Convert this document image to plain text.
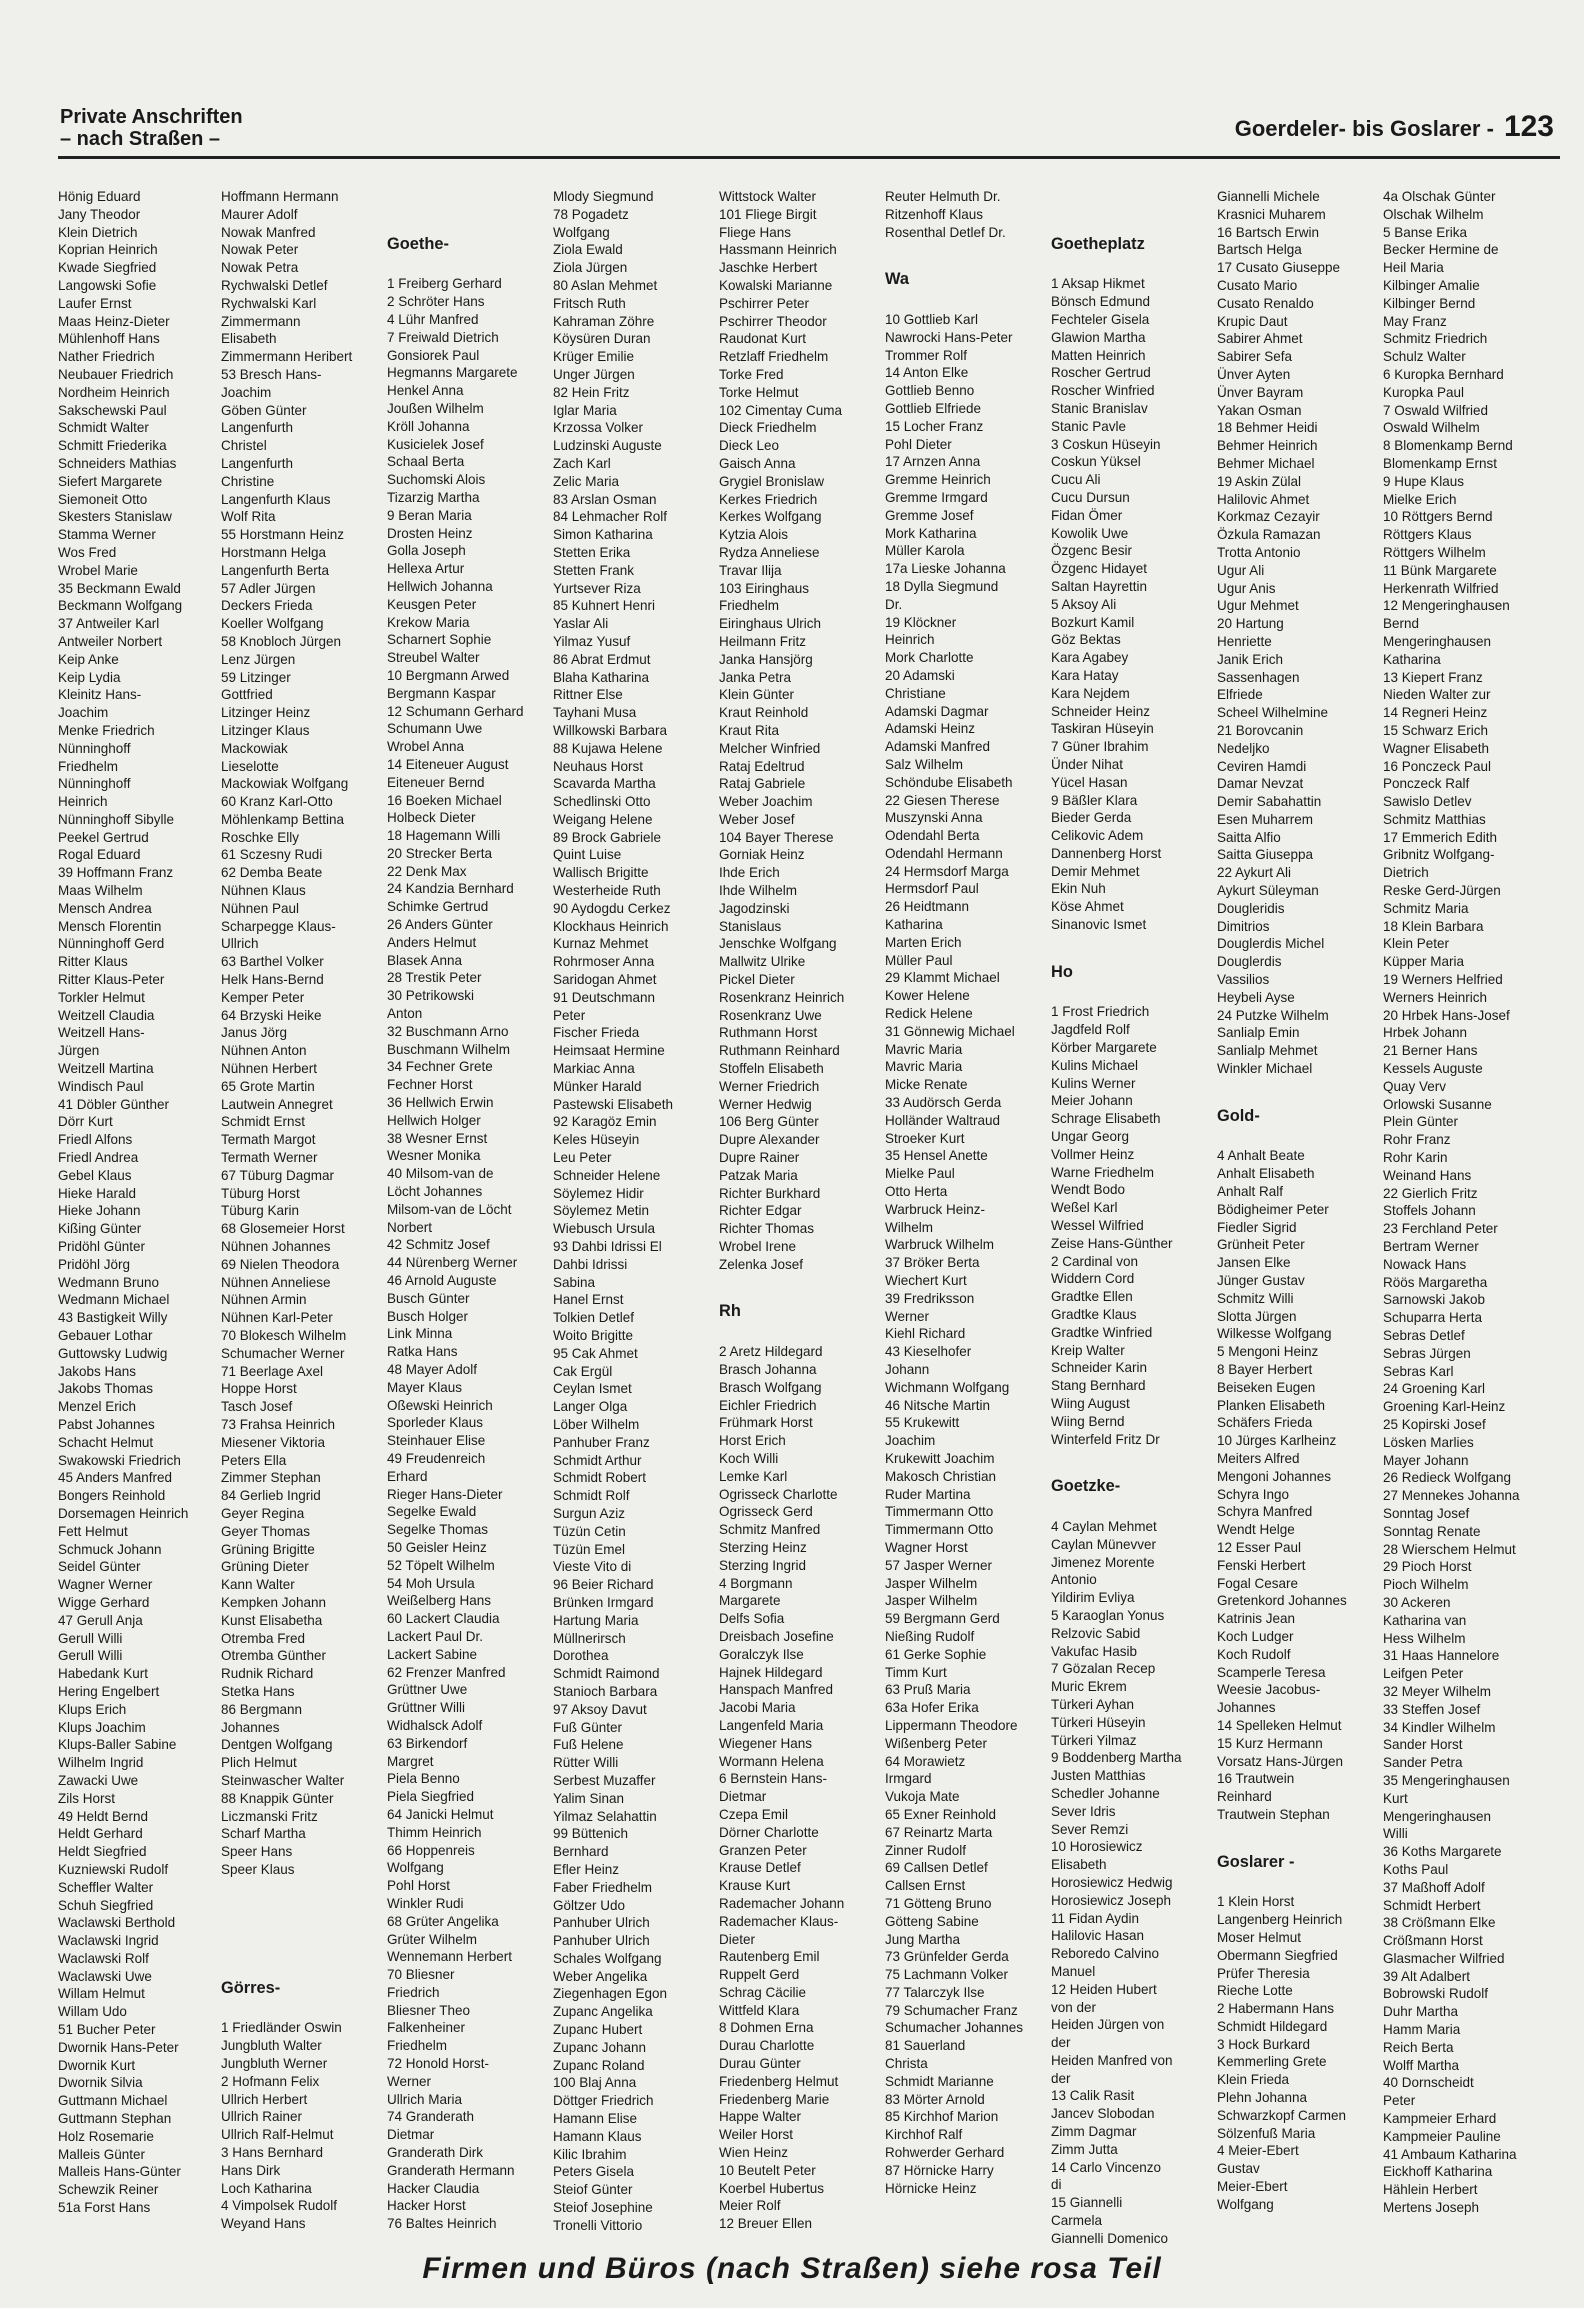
Private Anschriften
– nach Straßen –	Goerdeler- bis Goslarer - 123
Hönig Eduard
Jany Theodor
Klein Dietrich
Koprian Heinrich
Kwade Siegfried
Langowski Sofie
Laufer Ernst
Maas Heinz-Dieter
Mühlenhoff Hans
Nather Friedrich
Neubauer Friedrich
Nordheim Heinrich
Sakschewski Paul
Schmidt Walter
Schmitt Friederika
Schneiders Mathias
Siefert Margarete
Siemoneit Otto
Skesters Stanislaw
Stamma Werner
Wos Fred
Wrobel Marie
35 Beckmann Ewald
Beckmann Wolfgang
37 Antweiler Karl
Antweiler Norbert
Keip Anke
Keip Lydia
Kleinitz Hans-
Joachim
Menke Friedrich
Nünninghoff
Friedhelm
Nünninghoff
Heinrich
Nünninghoff Sibylle
Peekel Gertrud
Rogal Eduard
39 Hoffmann Franz
Maas Wilhelm
Mensch Andrea
Mensch Florentin
Nünninghoff Gerd
Ritter Klaus
Ritter Klaus-Peter
Torkler Helmut
Weitzell Claudia
Weitzell Hans-
Jürgen
Weitzell Martina
Windisch Paul
41 Döbler Günther
Dörr Kurt
Friedl Alfons
Friedl Andrea
Gebel Klaus
Hieke Harald
Hieke Johann
Kißing Günter
Pridöhl Günter
Pridöhl Jörg
Wedmann Bruno
Wedmann Michael
43 Bastigkeit Willy
Gebauer Lothar
Guttowsky Ludwig
Jakobs Hans
Jakobs Thomas
Menzel Erich
Pabst Johannes
Schacht Helmut
Swakowski Friedrich
45 Anders Manfred
Bongers Reinhold
Dorsemagen Heinrich
Fett Helmut
Schmuck Johann
Seidel Günter
Wagner Werner
Wigge Gerhard
47 Gerull Anja
Gerull Willi
Gerull Willi
Habedank Kurt
Hering Engelbert
Klups Erich
Klups Joachim
Klups-Baller Sabine
Wilhelm Ingrid
Zawacki Uwe
Zils Horst
49 Heldt Bernd
Heldt Gerhard
Heldt Siegfried
Kuzniewski Rudolf
Scheffler Walter
Schuh Siegfried
Waclawski Berthold
Waclawski Ingrid
Waclawski Rolf
Waclawski Uwe
Willam Helmut
Willam Udo
51 Bucher Peter
Dwornik Hans-Peter
Dwornik Kurt
Dwornik Silvia
Guttmann Michael
Guttmann Stephan
Holz Rosemarie
Malleis Günter
Malleis Hans-Günter
Schewzik Reiner
51a Forst Hans
Hoffmann Hermann
Maurer Adolf
Nowak Manfred
Nowak Peter
Nowak Petra
Rychwalski Detlef
Rychwalski Karl
Zimmermann
Elisabeth
Zimmermann Heribert
53 Bresch Hans-
Joachim
Göben Günter
Langenfurth
Christel
Langenfurth
Christine
Langenfurth Klaus
Wolf Rita
55 Horstmann Heinz
Horstmann Helga
Langenfurth Berta
57 Adler Jürgen
Deckers Frieda
Koeller Wolfgang
58 Knobloch Jürgen
Lenz Jürgen
59 Litzinger
Gottfried
Litzinger Heinz
Litzinger Klaus
Mackowiak
Lieselotte
Mackowiak Wolfgang
60 Kranz Karl-Otto
Möhlenkamp Bettina
Roschke Elly
61 Sczesny Rudi
62 Demba Beate
Nühnen Klaus
Nühnen Paul
Scharpegge Klaus-
Ullrich
63 Barthel Volker
Helk Hans-Bernd
Kemper Peter
64 Brzyski Heike
Janus Jörg
Nühnen Anton
Nühnen Herbert
65 Grote Martin
Lautwein Annegret
Schmidt Ernst
Termath Margot
Termath Werner
67 Tüburg Dagmar
Tüburg Horst
Tüburg Karin
68 Glosemeier Horst
Nühnen Johannes
69 Nielen Theodora
Nühnen Anneliese
Nühnen Armin
Nühnen Karl-Peter
70 Blokesch Wilhelm
Schumacher Werner
71 Beerlage Axel
Hoppe Horst
Tasch Josef
73 Frahsa Heinrich
Miesener Viktoria
Peters Ella
Zimmer Stephan
84 Gerlieb Ingrid
Geyer Regina
Geyer Thomas
Grüning Brigitte
Grüning Dieter
Kann Walter
Kempken Johann
Kunst Elisabetha
Otremba Fred
Otremba Günther
Rudnik Richard
Stetka Hans
86 Bergmann
Johannes
Dentgen Wolfgang
Plich Helmut
Steinwascher Walter
88 Knappik Günter
Liczmanski Fritz
Scharf Martha
Speer Hans
Speer Klaus

Görres-

1 Friedländer Oswin
Jungbluth Walter
Jungbluth Werner
2 Hofmann Felix
Ullrich Herbert
Ullrich Rainer
Ullrich Ralf-Helmut
3 Hans Bernhard
Hans Dirk
Loch Katharina
4 Vimpolsek Rudolf
Weyand Hans

Goethe-

1 Freiberg Gerhard
2 Schröter Hans
4 Lühr Manfred
7 Freiwald Dietrich
Gonsiorek Paul
Hegmanns Margarete
Henkel Anna
Joußen Wilhelm
Kröll Johanna
Kusicielek Josef
Schaal Berta
Suchomski Alois
Tizarzig Martha
9 Beran Maria
Drosten Heinz
Golla Joseph
Hellexa Artur
Hellwich Johanna
Keusgen Peter
Krekow Maria
Scharnert Sophie
Streubel Walter
10 Bergmann Arwed
Bergmann Kaspar
12 Schumann Gerhard
Schumann Uwe
Wrobel Anna
14 Eiteneuer August
Eiteneuer Bernd
16 Boeken Michael
Holbeck Dieter
18 Hagemann Willi
20 Strecker Berta
22 Denk Max
24 Kandzia Bernhard
Schimke Gertrud
26 Anders Günter
Anders Helmut
Blasek Anna
28 Trestik Peter
30 Petrikowski
Anton
32 Buschmann Arno
Buschmann Wilhelm
34 Fechner Grete
Fechner Horst
36 Hellwich Erwin
Hellwich Holger
38 Wesner Ernst
Wesner Monika
40 Milsom-van de
Löcht Johannes
Milsom-van de Löcht
Norbert
42 Schmitz Josef
44 Nürenberg Werner
46 Arnold Auguste
Busch Günter
Busch Holger
Link Minna
Ratka Hans
48 Mayer Adolf
Mayer Klaus
Oßewski Heinrich
Sporleder Klaus
Steinhauer Elise
49 Freudenreich
Erhard
Rieger Hans-Dieter
Segelke Ewald
Segelke Thomas
50 Geisler Heinz
52 Töpelt Wilhelm
54 Moh Ursula
Weißelberg Hans
60 Lackert Claudia
Lackert Paul Dr.
Lackert Sabine
62 Frenzer Manfred
Grüttner Uwe
Grüttner Willi
Widhalsck Adolf
63 Birkendorf
Margret
Piela Benno
Piela Siegfried
64 Janicki Helmut
Thimm Heinrich
66 Hoppenreis
Wolfgang
Pohl Horst
Winkler Rudi
68 Grüter Angelika
Grüter Wilhelm
Wennemann Herbert
70 Bliesner
Friedrich
Bliesner Theo
Falkenheiner
Friedhelm
72 Honold Horst-
Werner
Ullrich Maria
74 Granderath
Dietmar
Granderath Dirk
Granderath Hermann
Hacker Claudia
Hacker Horst
76 Baltes Heinrich
Mlody Siegmund
78 Pogadetz
Wolfgang
Ziola Ewald
Ziola Jürgen
80 Aslan Mehmet
Fritsch Ruth
Kahraman Zöhre
Köysüren Duran
Krüger Emilie
Unger Jürgen
82 Hein Fritz
Iglar Maria
Krzossa Volker
Ludzinski Auguste
Zach Karl
Zelic Maria
83 Arslan Osman
84 Lehmacher Rolf
Simon Katharina
Stetten Erika
Stetten Frank
Yurtsever Riza
85 Kuhnert Henri
Yaslar Ali
Yilmaz Yusuf
86 Abrat Erdmut
Blaha Katharina
Rittner Else
Tayhani Musa
Willkowski Barbara
88 Kujawa Helene
Neuhaus Horst
Scavarda Martha
Schedlinski Otto
Weigang Helene
89 Brock Gabriele
Quint Luise
Wallisch Brigitte
Westerheide Ruth
90 Aydogdu Cerkez
Klockhaus Heinrich
Kurnaz Mehmet
Rohrmoser Anna
Saridogan Ahmet
91 Deutschmann
Peter
Fischer Frieda
Heimsaat Hermine
Markiac Anna
Münker Harald
Pastewski Elisabeth
92 Karagöz Emin
Keles Hüseyin
Leu Peter
Schneider Helene
Söylemez Hidir
Söylemez Metin
Wiebusch Ursula
93 Dahbi Idrissi El
Dahbi Idrissi
Sabina
Hanel Ernst
Tolkien Detlef
Woito Brigitte
95 Cak Ahmet
Cak Ergül
Ceylan Ismet
Langer Olga
Löber Wilhelm
Panhuber Franz
Schmidt Arthur
Schmidt Robert
Schmidt Rolf
Surgun Aziz
Tüzün Cetin
Tüzün Emel
Vieste Vito di
96 Beier Richard
Brünken Irmgard
Hartung Maria
Müllnerirsch
Dorothea
Schmidt Raimond
Stanioch Barbara
97 Aksoy Davut
Fuß Günter
Fuß Helene
Rütter Willi
Serbest Muzaffer
Yalim Sinan
Yilmaz Selahattin
99 Büttenich
Bernhard
Efler Heinz
Faber Friedhelm
Göltzer Udo
Panhuber Ulrich
Panhuber Ulrich
Schales Wolfgang
Weber Angelika
Ziegenhagen Egon
Zupanc Angelika
Zupanc Hubert
Zupanc Johann
Zupanc Roland
100 Blaj Anna
Döttger Friedrich
Hamann Elise
Hamann Klaus
Kilic Ibrahim
Peters Gisela
Steiof Günter
Steiof Josephine
Tronelli Vittorio
Wittstock Walter
101 Fliege Birgit
Fliege Hans
Hassmann Heinrich
Jaschke Herbert
Kowalski Marianne
Pschirrer Peter
Pschirrer Theodor
Raudonat Kurt
Retzlaff Friedhelm
Torke Fred
Torke Helmut
102 Cimentay Cuma
Dieck Friedhelm
Dieck Leo
Gaisch Anna
Grygiel Bronislaw
Kerkes Friedrich
Kerkes Wolfgang
Kytzia Alois
Rydza Anneliese
Travar Ilija
103 Eiringhaus
Friedhelm
Eiringhaus Ulrich
Heilmann Fritz
Janka Hansjörg
Janka Petra
Klein Günter
Kraut Reinhold
Kraut Rita
Melcher Winfried
Rataj Edeltrud
Rataj Gabriele
Weber Joachim
Weber Josef
104 Bayer Therese
Gorniak Heinz
Ihde Erich
Ihde Wilhelm
Jagodzinski
Stanislaus
Jenschke Wolfgang
Mallwitz Ulrike
Pickel Dieter
Rosenkranz Heinrich
Rosenkranz Uwe
Ruthmann Horst
Ruthmann Reinhard
Stoffeln Elisabeth
Werner Friedrich
Werner Hedwig
106 Berg Günter
Dupre Alexander
Dupre Rainer
Patzak Maria
Richter Burkhard
Richter Edgar
Richter Thomas
Wrobel Irene
Zelenka Josef

Rh

2 Aretz Hildegard
Brasch Johanna
Brasch Wolfgang
Eichler Friedrich
Frühmark Horst
Horst Erich
Koch Willi
Lemke Karl
Ogrisseck Charlotte
Ogrisseck Gerd
Schmitz Manfred
Sterzing Heinz
Sterzing Ingrid
4 Borgmann
Margarete
Delfs Sofia
Dreisbach Josefine
Goralczyk Ilse
Hajnek Hildegard
Hanspach Manfred
Jacobi Maria
Langenfeld Maria
Wiegener Hans
Wormann Helena
6 Bernstein Hans-
Dietmar
Czepa Emil
Dörner Charlotte
Granzen Peter
Krause Detlef
Krause Kurt
Rademacher Johann
Rademacher Klaus-
Dieter
Rautenberg Emil
Ruppelt Gerd
Schrag Cäcilie
Wittfeld Klara
8 Dohmen Erna
Durau Charlotte
Durau Günter
Friedenberg Helmut
Friedenberg Marie
Happe Walter
Weiler Horst
Wien Heinz
10 Beutelt Peter
Koerbel Hubertus
Meier Rolf
12 Breuer Ellen
Reuter Helmuth Dr.
Ritzenhoff Klaus
Rosenthal Detlef Dr.

Wa

10 Gottlieb Karl
Nawrocki Hans-Peter
Trommer Rolf
14 Anton Elke
Gottlieb Benno
Gottlieb Elfriede
15 Locher Franz
Pohl Dieter
17 Arnzen Anna
Gremme Heinrich
Gremme Irmgard
Gremme Josef
Mork Katharina
Müller Karola
17a Lieske Johanna
18 Dylla Siegmund
Dr.
19 Klöckner
Heinrich
Mork Charlotte
20 Adamski
Christiane
Adamski Dagmar
Adamski Heinz
Adamski Manfred
Salz Wilhelm
Schöndube Elisabeth
22 Giesen Therese
Muszynski Anna
Odendahl Berta
Odendahl Hermann
24 Hermsdorf Marga
Hermsdorf Paul
26 Heidtmann
Katharina
Marten Erich
Müller Paul
29 Klammt Michael
Kower Helene
Redick Helene
31 Gönnewig Michael
Mavric Maria
Mavric Maria
Micke Renate
33 Audörsch Gerda
Holländer Waltraud
Stroeker Kurt
35 Hensel Anette
Mielke Paul
Otto Herta
Warbruck Heinz-
Wilhelm
Warbruck Wilhelm
37 Bröker Berta
Wiechert Kurt
39 Fredriksson
Werner
Kiehl Richard
43 Kieselhofer
Johann
Wichmann Wolfgang
46 Nitsche Martin
55 Krukewitt
Joachim
Krukewitt Joachim
Makosch Christian
Ruder Martina
Timmermann Otto
Timmermann Otto
Wagner Horst
57 Jasper Werner
Jasper Wilhelm
Jasper Wilhelm
59 Bergmann Gerd
Nießing Rudolf
61 Gerke Sophie
Timm Kurt
63 Pruß Maria
63a Hofer Erika
Lippermann Theodore
Wißenberg Peter
64 Morawietz
Irmgard
Vukoja Mate
65 Exner Reinhold
67 Reinartz Marta
Zinner Rudolf
69 Callsen Detlef
Callsen Ernst
71 Götteng Bruno
Götteng Sabine
Jung Martha
73 Grünfelder Gerda
75 Lachmann Volker
77 Talarczyk Ilse
79 Schumacher Franz
Schumacher Johannes
81 Sauerland
Christa
Schmidt Marianne
83 Mörter Arnold
85 Kirchhof Marion
Kirchhof Ralf
Rohwerder Gerhard
87 Hörnicke Harry
Hörnicke Heinz

Goetheplatz

1 Aksap Hikmet
Bönsch Edmund
Fechteler Gisela
Glawion Martha
Matten Heinrich
Roscher Gertrud
Roscher Winfried
Stanic Branislav
Stanic Pavle
3 Coskun Hüseyin
Coskun Yüksel
Cucu Ali
Cucu Dursun
Fidan Ömer
Kowolik Uwe
Özgenc Besir
Özgenc Hidayet
Saltan Hayrettin
5 Aksoy Ali
Bozkurt Kamil
Göz Bektas
Kara Agabey
Kara Hatay
Kara Nejdem
Schneider Heinz
Taskiran Hüseyin
7 Güner Ibrahim
Ünder Nihat
Yücel Hasan
9 Bäßler Klara
Bieder Gerda
Celikovic Adem
Dannenberg Horst
Demir Mehmet
Ekin Nuh
Köse Ahmet
Sinanovic Ismet

Ho

1 Frost Friedrich
Jagdfeld Rolf
Körber Margarete
Kulins Michael
Kulins Werner
Meier Johann
Schrage Elisabeth
Ungar Georg
Vollmer Heinz
Warne Friedhelm
Wendt Bodo
Weßel Karl
Wessel Wilfried
Zeise Hans-Günther
2 Cardinal von
Widdern Cord
Gradtke Ellen
Gradtke Klaus
Gradtke Winfried
Kreip Walter
Schneider Karin
Stang Bernhard
Wiing August
Wiing Bernd
Winterfeld Fritz Dr

Goetzke-

4 Caylan Mehmet
Caylan Münevver
Jimenez Morente
Antonio
Yildirim Evliya
5 Karaoglan Yonus
Relzovic Sabid
Vakufac Hasib
7 Gözalan Recep
Muric Ekrem
Türkeri Ayhan
Türkeri Hüseyin
Türkeri Yilmaz
9 Boddenberg Martha
Justen Matthias
Schedler Johanne
Sever Idris
Sever Remzi
10 Horosiewicz
Elisabeth
Horosiewicz Hedwig
Horosiewicz Joseph
11 Fidan Aydin
Halilovic Hasan
Reboredo Calvino
Manuel
12 Heiden Hubert
von der
Heiden Jürgen von
der
Heiden Manfred von
der
13 Calik Rasit
Jancev Slobodan
Zimm Dagmar
Zimm Jutta
14 Carlo Vincenzo
di
15 Giannelli
Carmela
Giannelli Domenico
Giannelli Michele
Krasnici Muharem
16 Bartsch Erwin
Bartsch Helga
17 Cusato Giuseppe
Cusato Mario
Cusato Renaldo
Krupic Daut
Sabirer Ahmet
Sabirer Sefa
Ünver Ayten
Ünver Bayram
Yakan Osman
18 Behmer Heidi
Behmer Heinrich
Behmer Michael
19 Askin Zülal
Halilovic Ahmet
Korkmaz Cezayir
Özkula Ramazan
Trotta Antonio
Ugur Ali
Ugur Anis
Ugur Mehmet
20 Hartung
Henriette
Janik Erich
Sassenhagen
Elfriede
Scheel Wilhelmine
21 Borovcanin
Nedeljko
Ceviren Hamdi
Damar Nevzat
Demir Sabahattin
Esen Muharrem
Saitta Alfio
Saitta Giuseppa
22 Aykurt Ali
Aykurt Süleyman
Dougleridis
Dimitrios
Douglerdis Michel
Douglerdis
Vassilios
Heybeli Ayse
24 Putzke Wilhelm
Sanlialp Emin
Sanlialp Mehmet
Winkler Michael

Gold-

4 Anhalt Beate
Anhalt Elisabeth
Anhalt Ralf
Bödigheimer Peter
Fiedler Sigrid
Grünheit Peter
Jansen Elke
Jünger Gustav
Schmitz Willi
Slotta Jürgen
Wilkesse Wolfgang
5 Mengoni Heinz
8 Bayer Herbert
Beiseken Eugen
Planken Elisabeth
Schäfers Frieda
10 Jürges Karlheinz
Meiters Alfred
Mengoni Johannes
Schyra Ingo
Schyra Manfred
Wendt Helge
12 Esser Paul
Fenski Herbert
Fogal Cesare
Gretenkord Johannes
Katrinis Jean
Koch Ludger
Koch Rudolf
Scamperle Teresa
Weesie Jacobus-
Johannes
14 Spelleken Helmut
15 Kurz Hermann
Vorsatz Hans-Jürgen
16 Trautwein
Reinhard
Trautwein Stephan

Goslarer -

1 Klein Horst
Langenberg Heinrich
Moser Helmut
Obermann Siegfried
Prüfer Theresia
Rieche Lotte
2 Habermann Hans
Schmidt Hildegard
3 Hock Burkard
Kemmerling Grete
Klein Frieda
Plehn Johanna
Schwarzkopf Carmen
Sölzenfuß Maria
4 Meier-Ebert
Gustav
Meier-Ebert
Wolfgang
4a Olschak Günter
Olschak Wilhelm
5 Banse Erika
Becker Hermine de
Heil Maria
Kilbinger Amalie
Kilbinger Bernd
May Franz
Schmitz Friedrich
Schulz Walter
6 Kuropka Bernhard
Kuropka Paul
7 Oswald Wilfried
Oswald Wilhelm
8 Blomenkamp Bernd
Blomenkamp Ernst
9 Hupe Klaus
Mielke Erich
10 Röttgers Bernd
Röttgers Klaus
Röttgers Wilhelm
11 Bünk Margarete
Herkenrath Wilfried
12 Mengeringhausen
Bernd
Mengeringhausen
Katharina
13 Kiepert Franz
Nieden Walter zur
14 Regneri Heinz
15 Schwarz Erich
Wagner Elisabeth
16 Ponczeck Paul
Ponczeck Ralf
Sawislo Detlev
Schmitz Matthias
17 Emmerich Edith
Gribnitz Wolfgang-
Dietrich
Reske Gerd-Jürgen
Schmitz Maria
18 Klein Barbara
Klein Peter
Küpper Maria
19 Werners Helfried
Werners Heinrich
20 Hrbek Hans-Josef
Hrbek Johann
21 Berner Hans
Kessels Auguste
Quay Verv
Orlowski Susanne
Plein Günter
Rohr Franz
Rohr Karin
Weinand Hans
22 Gierlich Fritz
Stoffels Johann
23 Ferchland Peter
Bertram Werner
Nowack Hans
Röös Margaretha
Sarnowski Jakob
Schuparra Herta
Sebras Detlef
Sebras Jürgen
Sebras Karl
24 Groening Karl
Groening Karl-Heinz
25 Kopirski Josef
Lösken Marlies
Mayer Johann
26 Redieck Wolfgang
27 Mennekes Johanna
Sonntag Josef
Sonntag Renate
28 Wierschem Helmut
29 Pioch Horst
Pioch Wilhelm
30 Ackeren
Katharina van
Hess Wilhelm
31 Haas Hannelore
Leifgen Peter
32 Meyer Wilhelm
33 Steffen Josef
34 Kindler Wilhelm
Sander Horst
Sander Petra
35 Mengeringhausen
Kurt
Mengeringhausen
Willi
36 Koths Margarete
Koths Paul
37 Maßhoff Adolf
Schmidt Herbert
38 Crößmann Elke
Crößmann Horst
Glasmacher Wilfried
39 Alt Adalbert
Bobrowski Rudolf
Duhr Martha
Hamm Maria
Reich Berta
Wolff Martha
40 Dornscheidt
Peter
Kampmeier Erhard
Kampmeier Pauline
41 Ambaum Katharina
Eickhoff Katharina
Hählein Herbert
Mertens Joseph
Firmen und Büros (nach Straßen) siehe rosa Teil
